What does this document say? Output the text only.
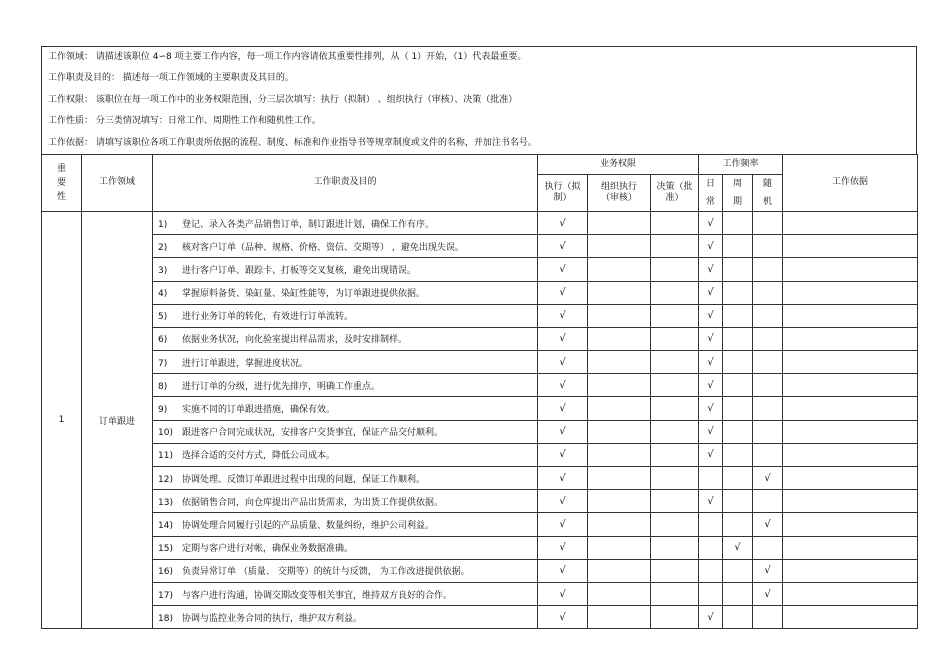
工作领域： 请描述该职位 4∽8 项主要工作内容，每一项工作内容请依其重要性排列，从（ 1）开始，（1）代表最重要。
工作职责及目的： 描述每一项工作领域的主要职责及其目的。
工作权限： 该职位在每一项工作中的业务权限范围，分三层次填写：执行（拟制） 、组织执行（审核）、决策（批准）
工作性质： 分三类情况填写：日常工作、周期性工作和随机性工作。
工作依据： 请填写该职位各项工作职责所依据的流程、制度、标准和作业指导书等规章制度或文件的名称，并加注书名号。
重要性	工作领域	工作职责及目的	业务权限			工作频率			工作依据
			执行（拟制）	组织执行（审核）	决策（批准）	日常	周期	随机	

1	订单跟进	1) 登记、录入各类产品销售订单，制订跟进计划，确保工作有序。	√			√			
		2) 核对客户订单（品种、规格、价格、资信、交期等） ，避免出现失误。	√			√			
		3) 进行客户订单、跟踪卡、打板等交叉复核，避免出现错误。	√			√			
		4) 掌握原料备货、染缸量、染缸性能等，为订单跟进提供依据。	√			√			
		5) 进行业务订单的转化，有效进行订单流转。	√			√			
		6) 依据业务状况，向化验室提出样品需求，及时安排制样。	√			√			
		7) 进行订单跟进，掌握进度状况。	√			√			
		8) 进行订单的分级，进行优先排序，明确工作重点。	√			√			
		9) 实施不同的订单跟进措施，确保有效。	√			√			
		10) 跟进客户合同完成状况，安排客户交货事宜，保证产品交付顺利。	√			√			
		11) 选择合适的交付方式，降低公司成本。	√			√			
		12) 协调处理、反馈订单跟进过程中出现的问题，保证工作顺利。	√					√	
		13) 依据销售合同，向仓库提出产品出货需求，为出货工作提供依据。	√			√			
		14) 协调处理合同履行引起的产品质量、数量纠纷，维护公司利益。	√					√	
		15) 定期与客户进行对帐，确保业务数据准确。	√				√		
		16) 负责异常订单 （质量、 交期等）的统计与反馈， 为工作改进提供依据。	√					√	
		17) 与客户进行沟通，协调交期改变等相关事宜，维持双方良好的合作。	√					√	
		18) 协调与监控业务合同的执行，维护双方利益。	√			√			
